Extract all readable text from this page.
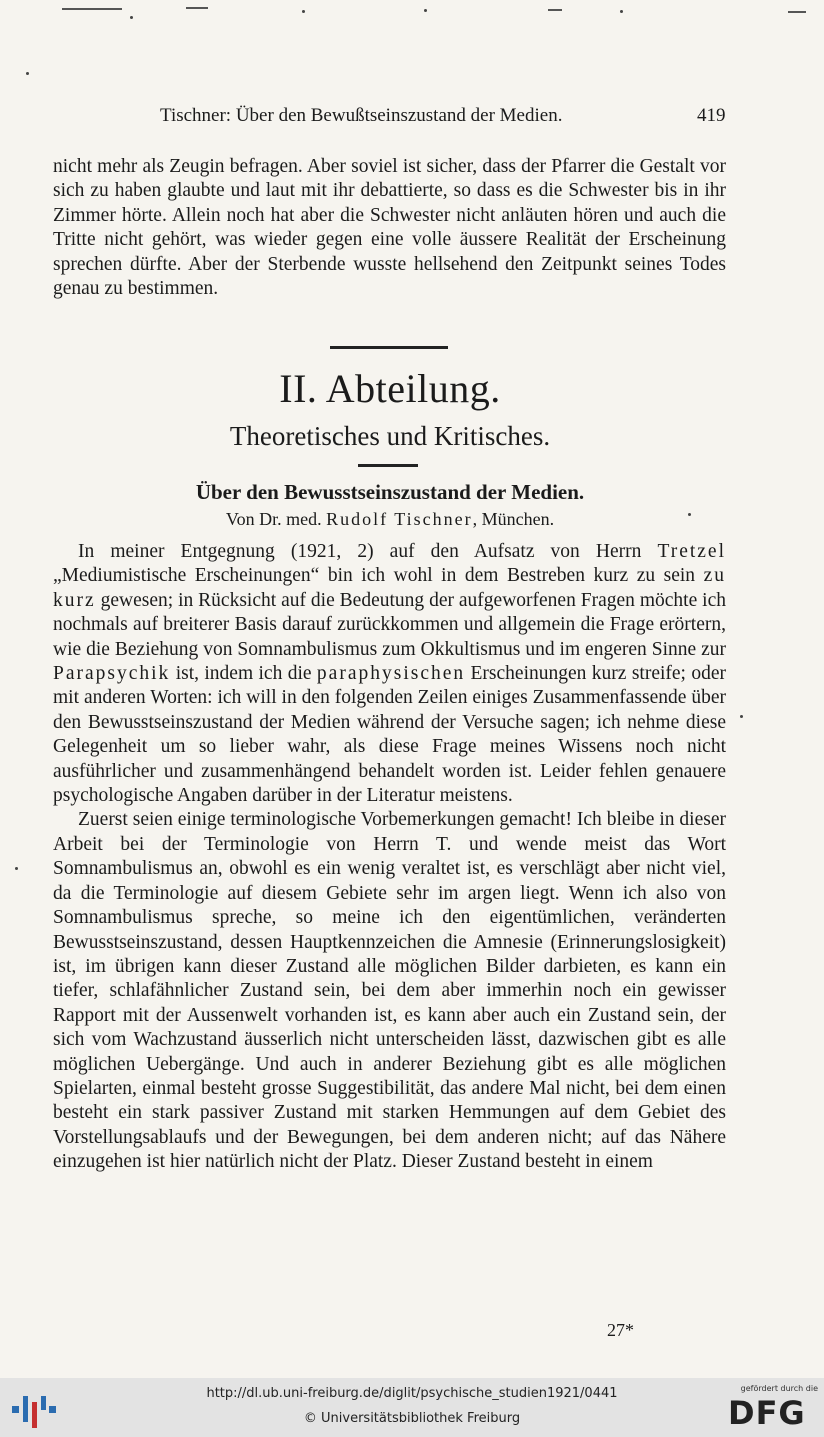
Tischner: Über den Bewußtseinszustand der Medien.	419

nicht mehr als Zeugin befragen. Aber soviel ist sicher, dass der Pfarrer die Gestalt vor sich zu haben glaubte und laut mit ihr debattierte, so dass es die Schwester bis in ihr Zimmer hörte. Allein noch hat aber die Schwester nicht anläuten hören und auch die Tritte nicht gehört, was wieder gegen eine volle äussere Realität der Erscheinung sprechen dürfte. Aber der Sterbende wusste hellsehend den Zeitpunkt seines Todes genau zu bestimmen.

II. Abteilung.
Theoretisches und Kritisches.
Über den Bewusstseinszustand der Medien.
Von Dr. med. Rudolf Tischner, München.

In meiner Entgegnung (1921, 2) auf den Aufsatz von Herrn Tretzel „Mediumistische Erscheinungen“ bin ich wohl in dem Bestreben kurz zu sein zu kurz gewesen; in Rücksicht auf die Bedeutung der aufgeworfenen Fragen möchte ich nochmals auf breiterer Basis darauf zurückkommen und allgemein die Frage erörtern, wie die Beziehung von Somnambulismus zum Okkultismus und im engeren Sinne zur Parapsychik ist, indem ich die paraphysischen Erscheinungen kurz streife; oder mit anderen Worten: ich will in den folgenden Zeilen einiges Zusammenfassende über den Bewusstseinszustand der Medien während der Versuche sagen; ich nehme diese Gelegenheit um so lieber wahr, als diese Frage meines Wissens noch nicht ausführlicher und zusammenhängend behandelt worden ist. Leider fehlen genauere psychologische Angaben darüber in der Literatur meistens.

Zuerst seien einige terminologische Vorbemerkungen gemacht! Ich bleibe in dieser Arbeit bei der Terminologie von Herrn T. und wende meist das Wort Somnambulismus an, obwohl es ein wenig veraltet ist, es verschlägt aber nicht viel, da die Terminologie auf diesem Gebiete sehr im argen liegt. Wenn ich also von Somnambulismus spreche, so meine ich den eigentümlichen, veränderten Bewusstseinszustand, dessen Hauptkennzeichen die Amnesie (Erinnerungslosigkeit) ist, im übrigen kann dieser Zustand alle möglichen Bilder darbieten, es kann ein tiefer, schlafähnlicher Zustand sein, bei dem aber immerhin noch ein gewisser Rapport mit der Aussenwelt vorhanden ist, es kann aber auch ein Zustand sein, der sich vom Wachzustand äusserlich nicht unterscheiden lässt, dazwischen gibt es alle möglichen Uebergänge. Und auch in anderer Beziehung gibt es alle möglichen Spielarten, einmal besteht grosse Suggestibilität, das andere Mal nicht, bei dem einen besteht ein stark passiver Zustand mit starken Hemmungen auf dem Gebiet des Vorstellungsablaufs und der Bewegungen, bei dem anderen nicht; auf das Nähere einzugehen ist hier natürlich nicht der Platz. Dieser Zustand besteht in einem

27*
http://dl.ub.uni-freiburg.de/diglit/psychische_studien1921/0441
© Universitätsbibliothek Freiburg
gefördert durch die
DFG
